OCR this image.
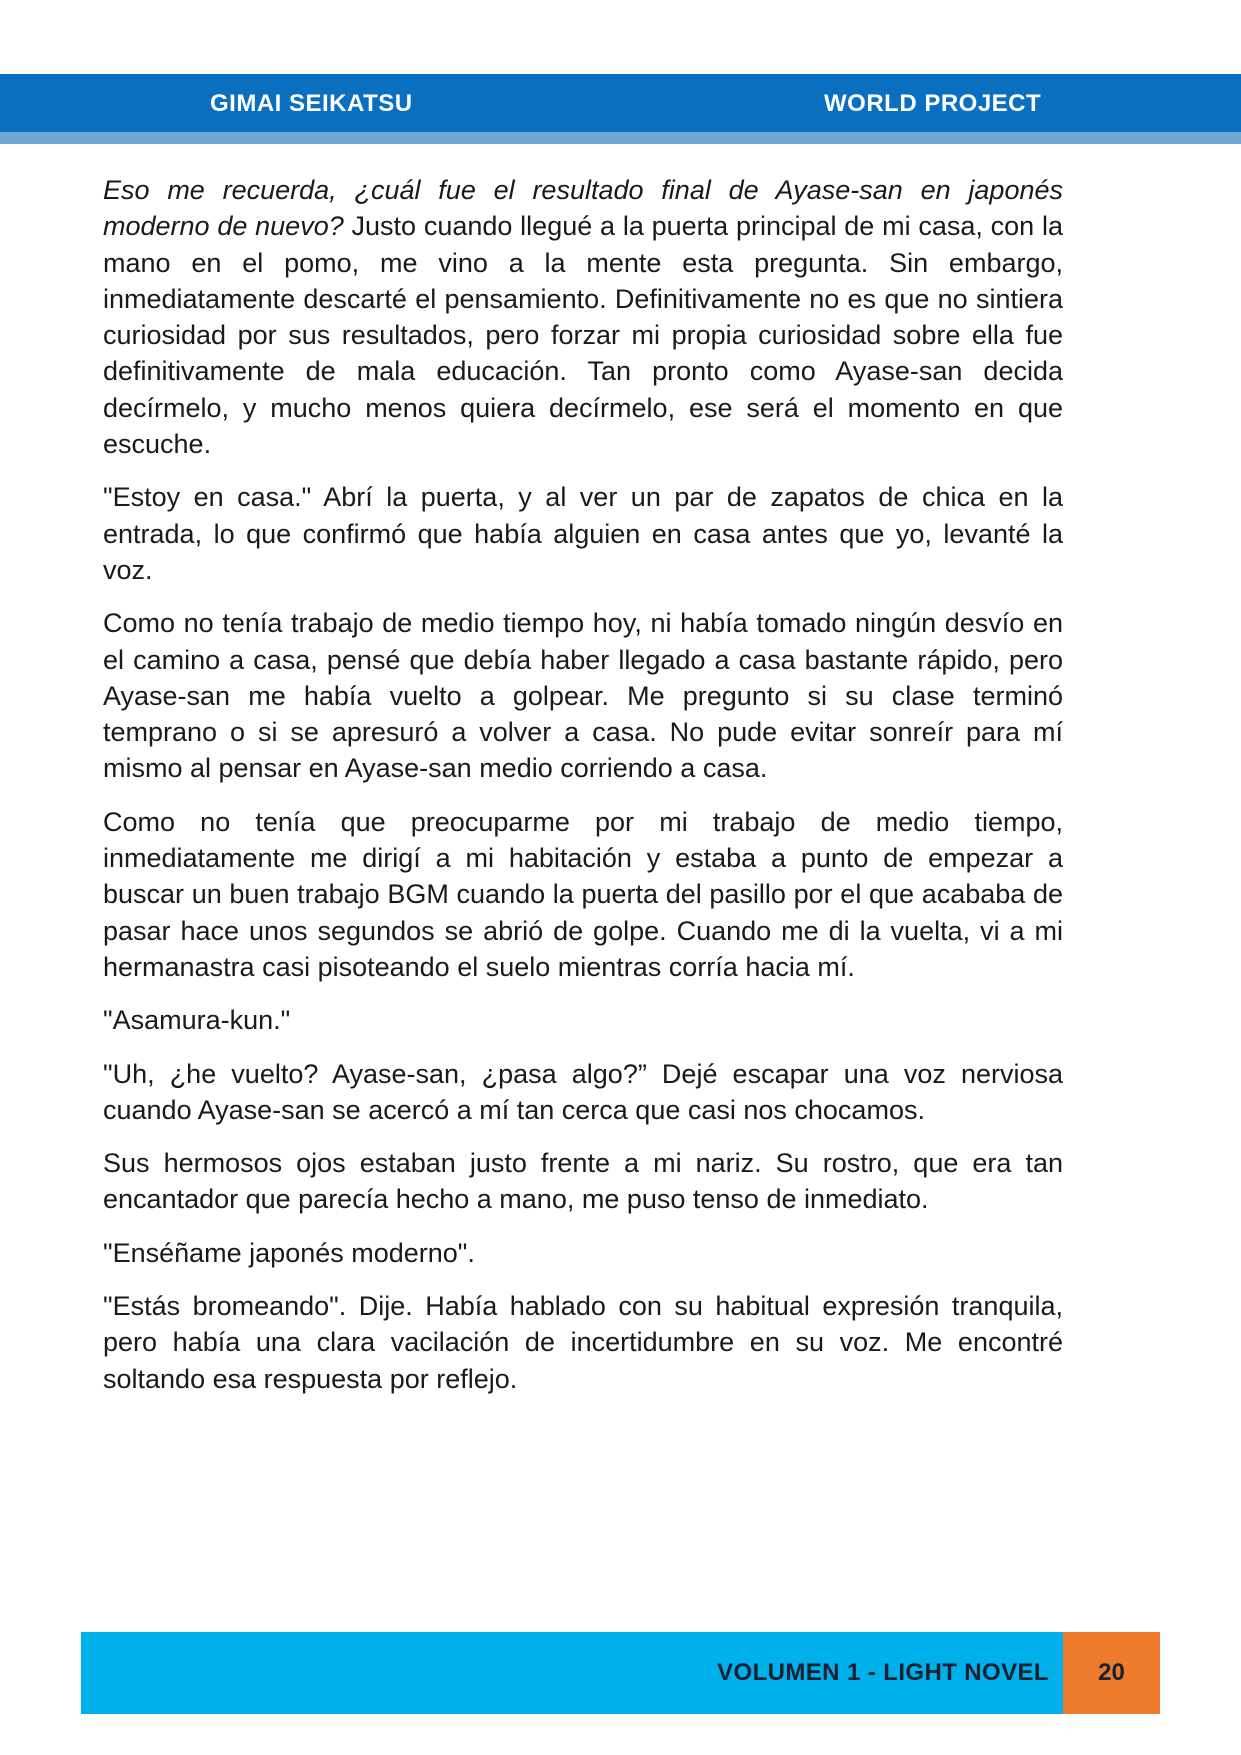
GIMAI SEIKATSU	WORLD PROJECT

Eso me recuerda, ¿cuál fue el resultado final de Ayase-san en japonés moderno de nuevo? Justo cuando llegué a la puerta principal de mi casa, con la mano en el pomo, me vino a la mente esta pregunta. Sin embargo, inmediatamente descarté el pensamiento. Definitivamente no es que no sintiera curiosidad por sus resultados, pero forzar mi propia curiosidad sobre ella fue definitivamente de mala educación. Tan pronto como Ayase-san decida decírmelo, y mucho menos quiera decírmelo, ese será el momento en que escuche.

"Estoy en casa." Abrí la puerta, y al ver un par de zapatos de chica en la entrada, lo que confirmó que había alguien en casa antes que yo, levanté la voz.

Como no tenía trabajo de medio tiempo hoy, ni había tomado ningún desvío en el camino a casa, pensé que debía haber llegado a casa bastante rápido, pero Ayase-san me había vuelto a golpear. Me pregunto si su clase terminó temprano o si se apresuró a volver a casa. No pude evitar sonreír para mí mismo al pensar en Ayase-san medio corriendo a casa.

Como no tenía que preocuparme por mi trabajo de medio tiempo, inmediatamente me dirigí a mi habitación y estaba a punto de empezar a buscar un buen trabajo BGM cuando la puerta del pasillo por el que acababa de pasar hace unos segundos se abrió de golpe. Cuando me di la vuelta, vi a mi hermanastra casi pisoteando el suelo mientras corría hacia mí.

"Asamura-kun."

"Uh, ¿he vuelto? Ayase-san, ¿pasa algo?” Dejé escapar una voz nerviosa cuando Ayase-san se acercó a mí tan cerca que casi nos chocamos.

Sus hermosos ojos estaban justo frente a mi nariz. Su rostro, que era tan encantador que parecía hecho a mano, me puso tenso de inmediato.

"Enséñame japonés moderno".

"Estás bromeando". Dije. Había hablado con su habitual expresión tranquila, pero había una clara vacilación de incertidumbre en su voz. Me encontré soltando esa respuesta por reflejo.

VOLUMEN 1 - LIGHT NOVEL	20
